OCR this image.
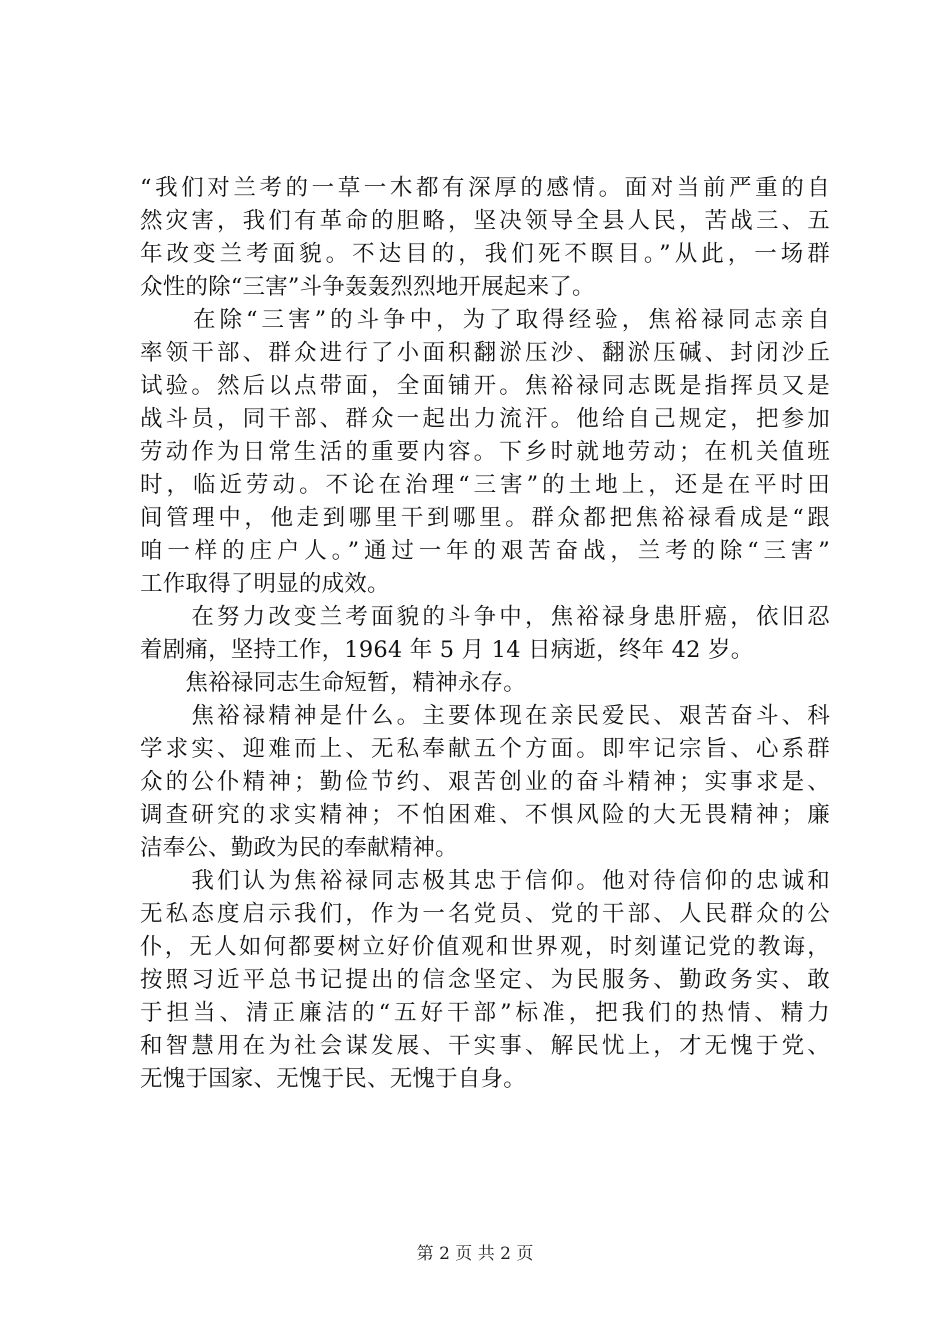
“我们对兰考的一草一木都有深厚的感情。面对当前严重的自
然灾害，我们有革命的胆略，坚决领导全县人民，苦战三、五
年改变兰考面貌。不达目的，我们死不瞑目。”从此，一场群
众性的除“三害”斗争轰轰烈烈地开展起来了。
　　在除“三害”的斗争中，为了取得经验，焦裕禄同志亲自
率领干部、群众进行了小面积翻淤压沙、翻淤压碱、封闭沙丘
试验。然后以点带面，全面铺开。焦裕禄同志既是指挥员又是
战斗员，同干部、群众一起出力流汗。他给自己规定，把参加
劳动作为日常生活的重要内容。下乡时就地劳动；在机关值班
时，临近劳动。不论在治理“三害”的土地上，还是在平时田
间管理中，他走到哪里干到哪里。群众都把焦裕禄看成是“跟
咱一样的庄户人。”通过一年的艰苦奋战，兰考的除“三害”
工作取得了明显的成效。
　　在努力改变兰考面貌的斗争中，焦裕禄身患肝癌，依旧忍
着剧痛，坚持工作，1964 年 5 月 14 日病逝，终年 42 岁。
　　焦裕禄同志生命短暂，精神永存。
　　焦裕禄精神是什么。主要体现在亲民爱民、艰苦奋斗、科
学求实、迎难而上、无私奉献五个方面。即牢记宗旨、心系群
众的公仆精神；勤俭节约、艰苦创业的奋斗精神；实事求是、
调查研究的求实精神；不怕困难、不惧风险的大无畏精神；廉
洁奉公、勤政为民的奉献精神。
　　我们认为焦裕禄同志极其忠于信仰。他对待信仰的忠诚和
无私态度启示我们，作为一名党员、党的干部、人民群众的公
仆，无人如何都要树立好价值观和世界观，时刻谨记党的教诲，
按照习近平总书记提出的信念坚定、为民服务、勤政务实、敢
于担当、清正廉洁的“五好干部”标准，把我们的热情、精力
和智慧用在为社会谋发展、干实事、解民忧上，才无愧于党、
无愧于国家、无愧于民、无愧于自身。
第 2 页 共 2 页
